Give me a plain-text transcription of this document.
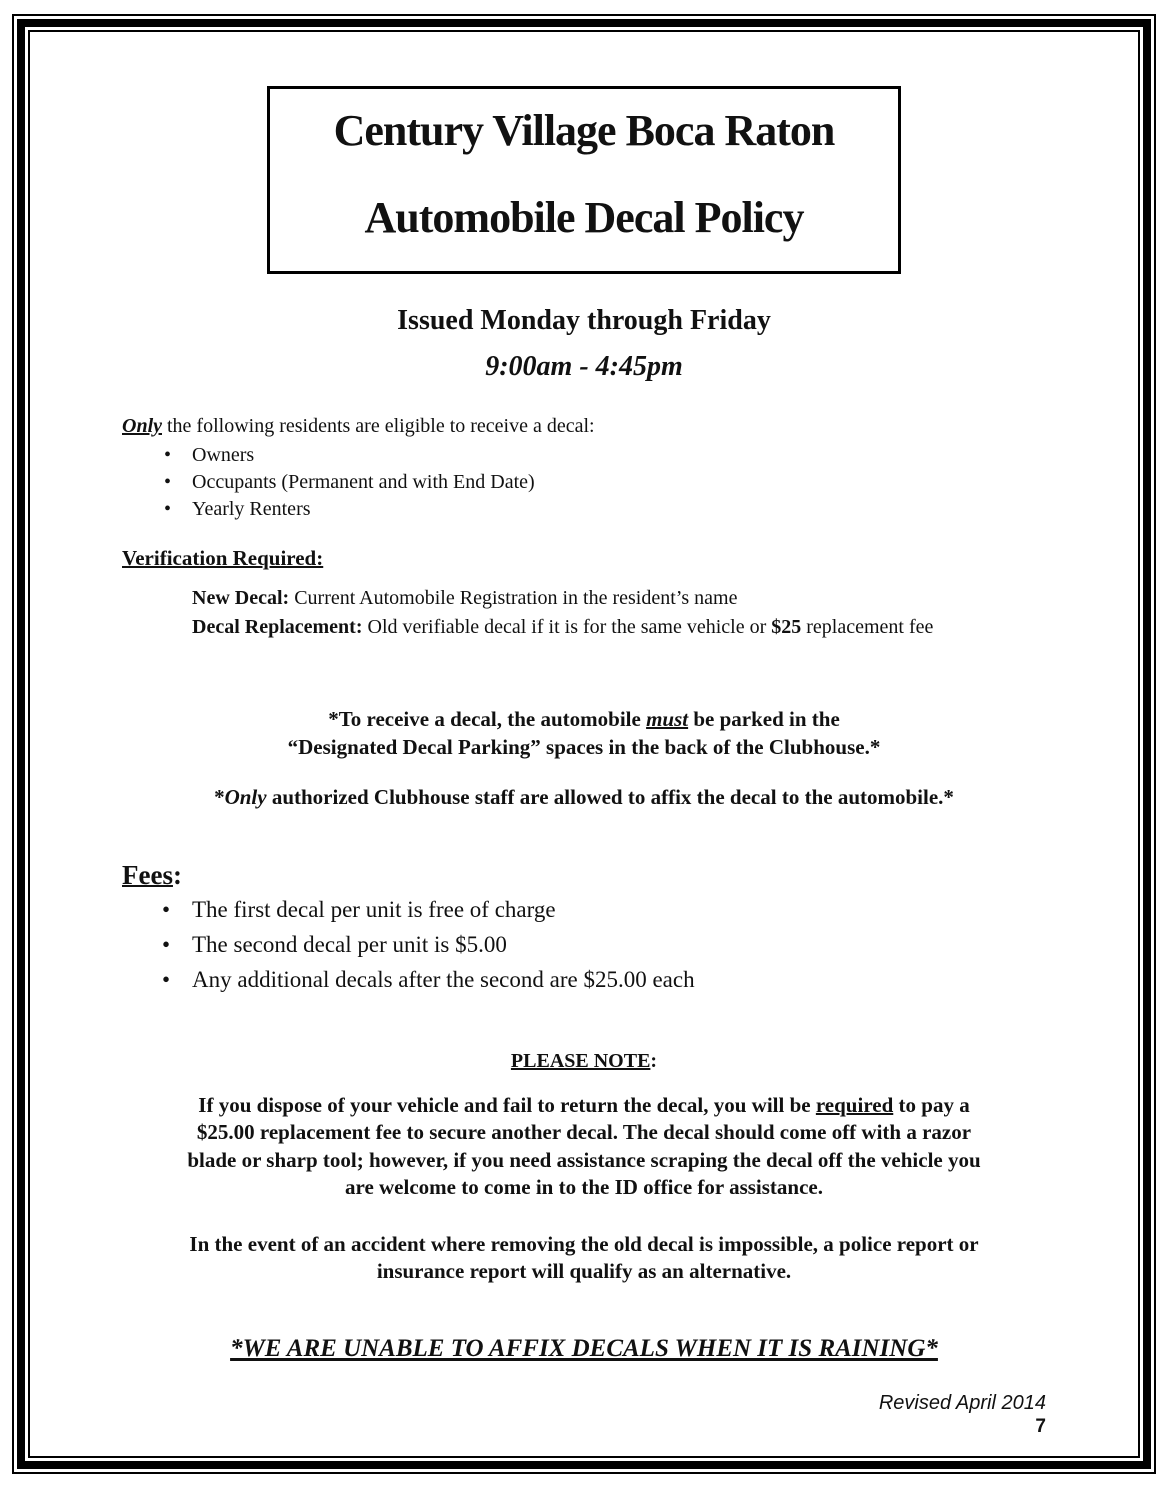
Century Village Boca Raton
Automobile Decal Policy
Issued Monday through Friday
9:00am - 4:45pm
Only the following residents are eligible to receive a decal:
• Owners
• Occupants (Permanent and with End Date)
• Yearly Renters
Verification Required:
New Decal: Current Automobile Registration in the resident’s name
Decal Replacement: Old verifiable decal if it is for the same vehicle or $25 replacement fee
*To receive a decal, the automobile must be parked in the
“Designated Decal Parking” spaces in the back of the Clubhouse.*
*Only authorized Clubhouse staff are allowed to affix the decal to the automobile.*
Fees:
• The first decal per unit is free of charge
• The second decal per unit is $5.00
• Any additional decals after the second are $25.00 each
PLEASE NOTE:
If you dispose of your vehicle and fail to return the decal, you will be required to pay a
$25.00 replacement fee to secure another decal. The decal should come off with a razor
blade or sharp tool; however, if you need assistance scraping the decal off the vehicle you
are welcome to come in to the ID office for assistance.
In the event of an accident where removing the old decal is impossible, a police report or
insurance report will qualify as an alternative.
*WE ARE UNABLE TO AFFIX DECALS WHEN IT IS RAINING*
Revised April 2014
7
